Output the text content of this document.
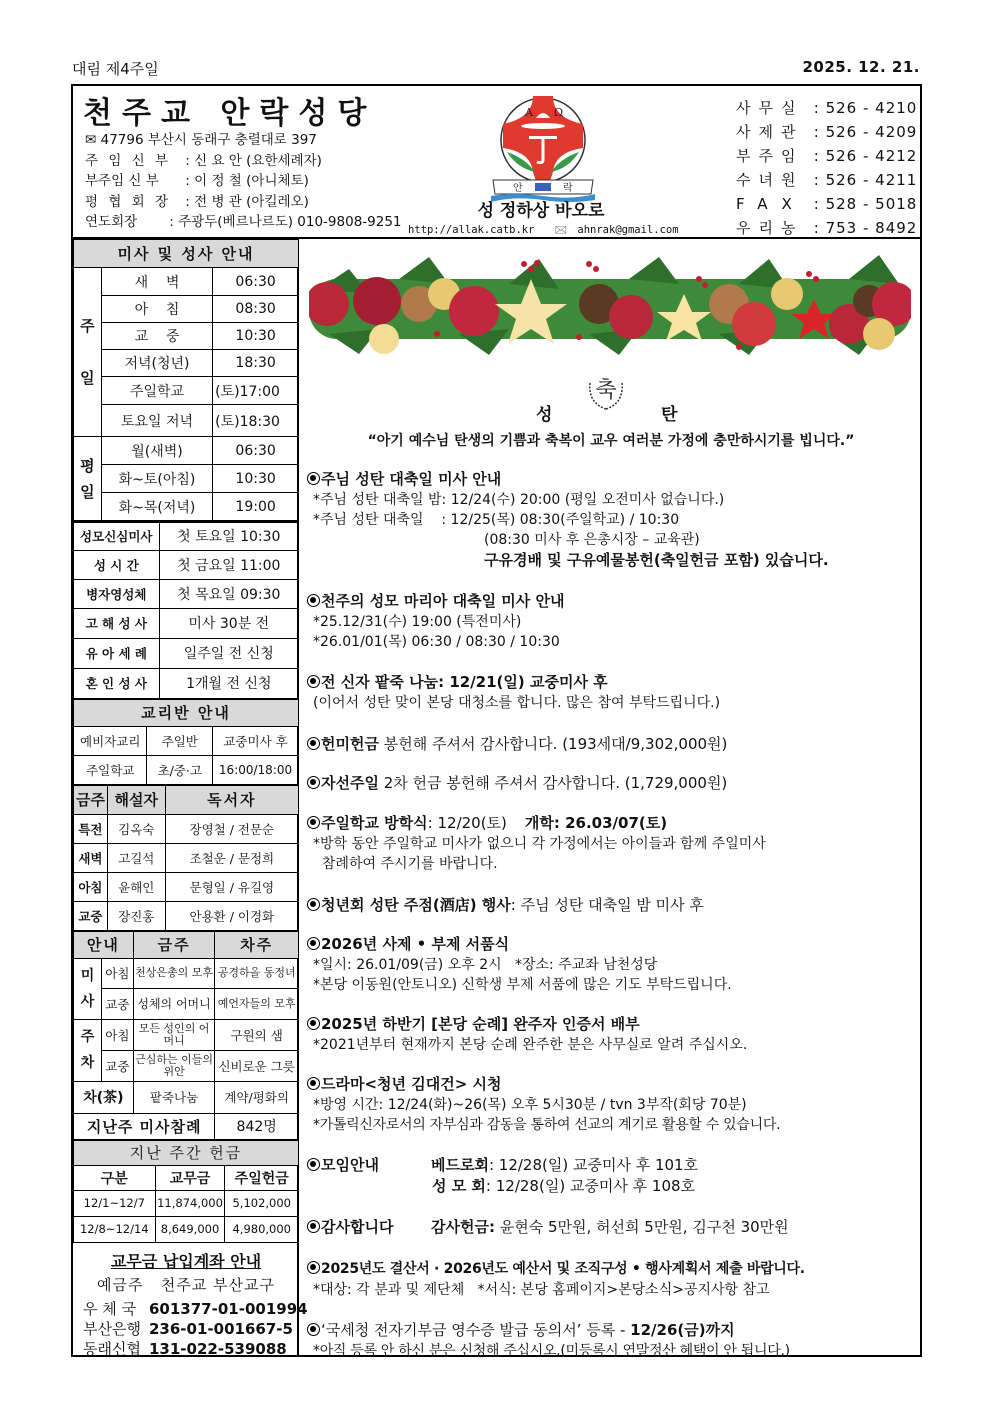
대림 제4주일	2025. 12. 21.
천주교 안락성당
✉ 47796 부산시 동래구 충렬대로 397
주 임 신 부 : 신 요 안 (요한세례자)
부주임 신 부 : 이 정 철 (아니체토)
평 협 회 장 : 전 병 관 (아킬레오)
연도회장 : 주광두(베르나르도) 010-9808-9251
A Ω
안	락
성 정하상 바오로
http://allak.catb.kr 🖂 ahnrak@gmail.com
사무실 : 526 - 4210
사제관 : 526 - 4209
부주임 : 526 - 4212
수녀원 : 526 - 4211
FAX : 528 - 5018
우리농 : 753 - 8492
미사 및 성사 안내		
주

일	새    벽	06:30
	아    침	08:30
	교    중	10:30
	저녁(청년)	18:30
	주일학교	(토)17:00
	토요일 저녁	(토)18:30
평
일	월(새벽)	06:30
	화~토(아침)	10:30
	화~목(저녁)	19:00
성모신심미사	첫 토요일 10:30
성 시 간	첫 금요일 11:00
병자영성체	첫 목요일 09:30
고 해 성 사	미사 30분 전
유 아 세 례	일주일 전 신청
혼 인 성 사	1개월 전 신청
교리반 안내		
예비자교리	주일반	교중미사 후
주일학교	초/중·고	16:00/18:00
금주	해설자	독서자
특전	김옥숙	장영철 / 전문순
새벽	고길석	조철운 / 문정희
아침	윤해인	문형일 / 유길영
교중	장진홍	안용환 / 이경화
안내		금주	차주
미
사	아침	천상은총의 모후	공경하올 동정녀
	교중	성체의 어머니	예언자들의 모후
주
차	아침	모든 성인의 어머니	구원의 샘
	교중	근심하는 이들의 위안	신비로운 그릇
차(茶)		팥죽나눔	계약/평화의
지난주 미사참례			842명
지난 주간 헌금		
구분	교무금	주일헌금
12/1~12/7	11,874,000	5,102,000
12/8~12/14	8,649,000	4,980,000
교무금 납입계좌 안내
예금주   천주교 부산교구
우 체 국 601377-01-001994
부산은행 236-01-001667-5
동래신협 131-022-539088
성
축
탄
“아기 예수님 탄생의 기쁨과 축복이 교우 여러분 가정에 충만하시기를 빕니다.”
주님 성탄 대축일 미사 안내
*주님 성탄 대축일 밤: 12/24(수) 20:00 (평일 오전미사 없습니다.)
*주님 성탄 대축일    : 12/25(목) 08:30(주일학교) / 10:30
(08:30 미사 후 은총시장 – 교육관)
구유경배 및 구유예물봉헌(축일헌금 포함) 있습니다.
천주의 성모 마리아 대축일 미사 안내
*25.12/31(수) 19:00 (특전미사)
*26.01/01(목) 06:30 / 08:30 / 10:30
전 신자 팥죽 나눔: 12/21(일) 교중미사 후
(이어서 성탄 맞이 본당 대청소를 합니다. 많은 참여 부탁드립니다.)
헌미헌금 봉헌해 주셔서 감사합니다. (193세대/9,302,000원)
자선주일 2차 헌금 봉헌해 주셔서 감사합니다. (1,729,000원)
주일학교 방학식: 12/20(토) 개학: 26.03/07(토)
*방학 동안 주일학교 미사가 없으니 각 가정에서는 아이들과 함께 주일미사
참례하여 주시기를 바랍니다.
청년회 성탄 주점(酒店) 행사: 주님 성탄 대축일 밤 미사 후
2026년 사제 • 부제 서품식
*일시: 26.01/09(금) 오후 2시   *장소: 주교좌 남천성당
*본당 이동원(안토니오) 신학생 부제 서품에 많은 기도 부탁드립니다.
2025년 하반기 [본당 순례] 완주자 인증서 배부
*2021년부터 현재까지 본당 순례 완주한 분은 사무실로 알려 주십시오.
드라마<청년 김대건> 시청
*방영 시간: 12/24(화)~26(목) 오후 5시30분 / tvn 3부작(회당 70분)
*가톨릭신자로서의 자부심과 감동을 통하여 선교의 계기로 활용할 수 있습니다.
모임안내	베드로회: 12/28(일) 교중미사 후 101호
성 모 회: 12/28(일) 교중미사 후 108호
감사합니다	감사헌금: 윤현숙 5만원, 허선희 5만원, 김구천 30만원
2025년도 결산서 · 2026년도 예산서 및 조직구성 • 행사계획서 제출 바랍니다.
*대상: 각 분과 및 제단체   *서식: 본당 홈페이지>본당소식>공지사항 참고
‘국세청 전자기부금 영수증 발급 동의서’ 등록 - 12/26(금)까지
*아직 등록 안 하신 분은 신청해 주십시오.(미등록시 연말정산 혜택이 안 됩니다.)
